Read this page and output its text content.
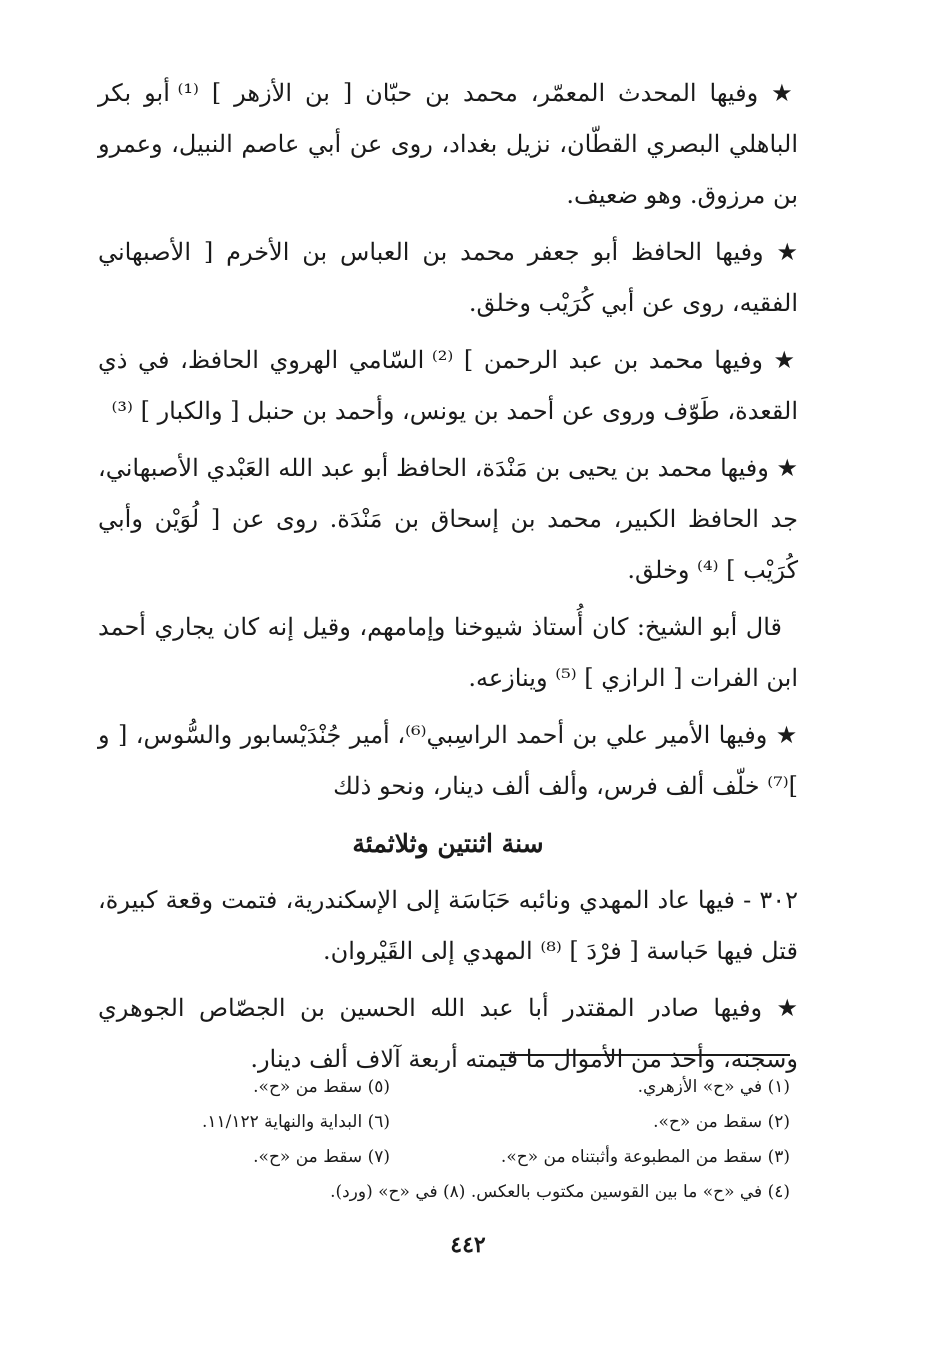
★ وفيها المحدث المعمّر، محمد بن حبّان [ بن الأزهر ] ⁽¹⁾ أبو بكر الباهلي البصري القطّان، نزيل بغداد، روى عن أبي عاصم النبيل، وعمرو بن مرزوق. وهو ضعيف.

★ وفيها الحافظ أبو جعفر محمد بن العباس بن الأخرم [ الأصبهاني الفقيه، روى عن أبي كُرَيْب وخلق.

★ وفيها محمد بن عبد الرحمن ] ⁽²⁾ السّامي الهروي الحافظ، في ذي القعدة، طَوّف وروى عن أحمد بن يونس، وأحمد بن حنبل [ والكبار ] ⁽³⁾

★ وفيها محمد بن يحيى بن مَنْدَة، الحافظ أبو عبد الله العَبْدي الأصبهاني، جد الحافظ الكبير، محمد بن إسحاق بن مَنْدَة. روى عن [ لُوَيْن وأبي كُرَيْب ] ⁽⁴⁾ وخلق.

قال أبو الشيخ: كان أُستاذ شيوخنا وإمامهم، وقيل إنه كان يجاري أحمد ابن الفرات [ الرازي ] ⁽⁵⁾ وينازعه.

★ وفيها الأمير علي بن أحمد الراسِبي⁽⁶⁾، أمير جُنْدَيْسابور والسُّوس، [ و ]⁽⁷⁾ خلّف ألف فرس، وألف ألف دينار، ونحو ذلك

سنة اثنتين وثلاثمئة

٣٠٢ - فيها عاد المهدي ونائبه حَبَاسَة إلى الإسكندرية، فتمت وقعة كبيرة، قتل فيها حَباسة [ فرْدَ ] ⁽⁸⁾ المهدي إلى القَيْروان.

★ وفيها صادر المقتدر أبا عبد الله الحسين بن الجصّاص الجوهري وسجنه، وأخذ من الأموال ما قيمته أربعة آلاف ألف دينار.

(١) في «ح» الأزهري.
(٥) سقط من «ح».
(٢) سقط من «ح».
(٦) البداية والنهاية ١١/١٢٢.
(٣) سقط من المطبوعة وأثبتناه من «ح».
(٧) سقط من «ح».
(٤) في «ح» ما بين القوسين مكتوب بالعكس. (٨) في «ح» (ورد).
٤٤٢
